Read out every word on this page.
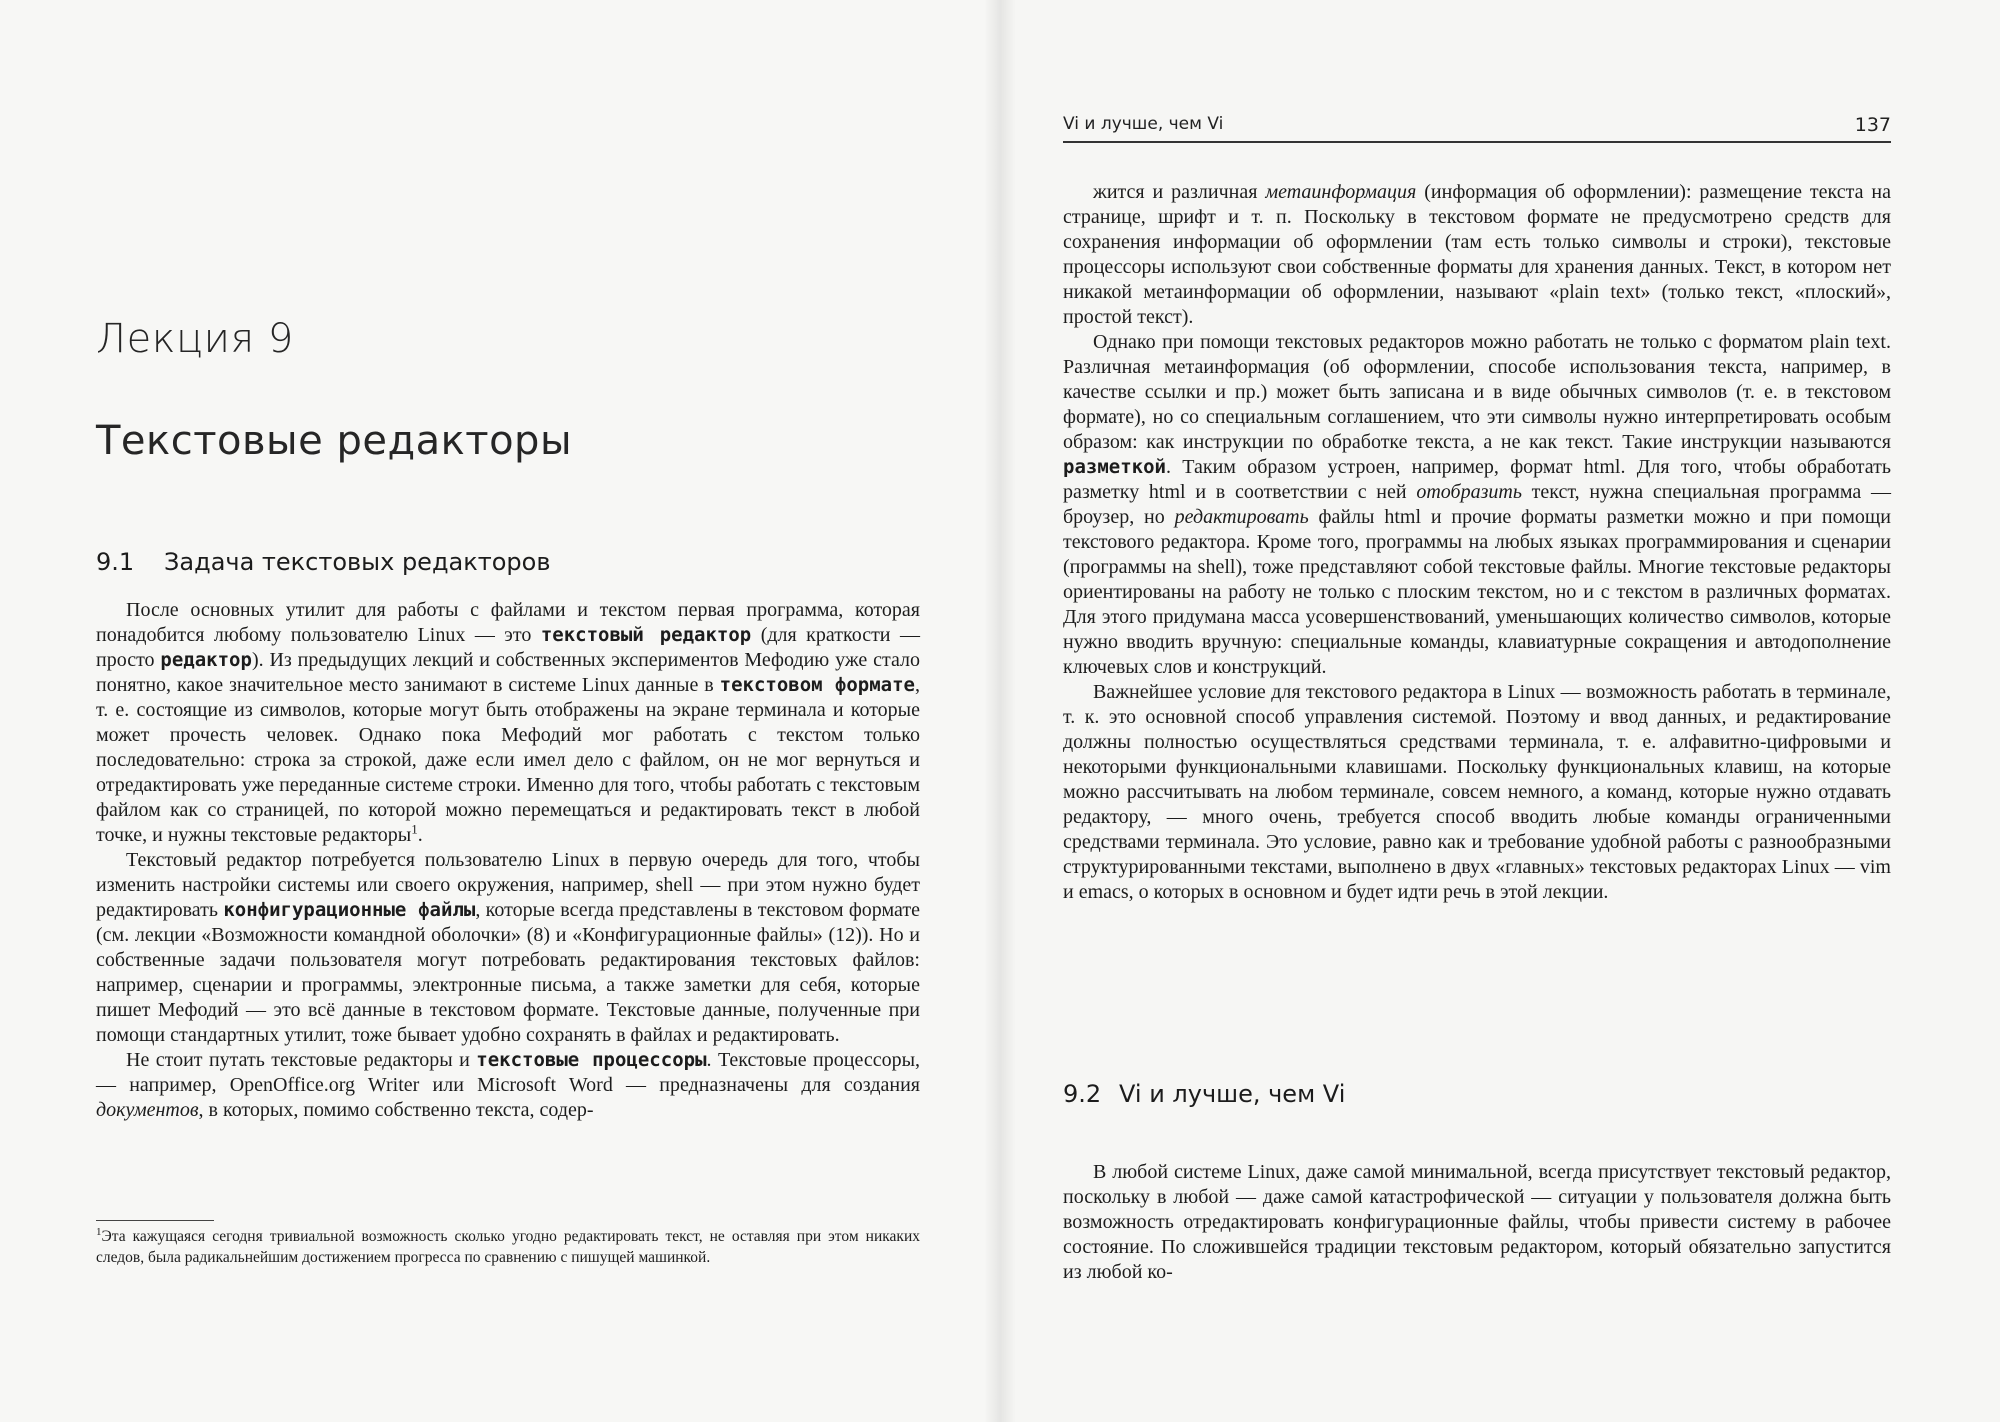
Лекция 9
Текстовые редакторы
9.1 Задача текстовых редакторов

После основных утилит для работы с файлами и текстом первая программа, которая понадобится любому пользователю Linux — это текстовый редактор (для краткости — просто редактор). Из предыдущих лекций и собственных экспериментов Мефодию уже стало понятно, какое значительное место занимают в системе Linux данные в текстовом формате, т. е. состоящие из символов, которые могут быть отображены на экране терминала и которые может прочесть человек. Однако пока Мефодий мог работать с текстом только последовательно: строка за строкой, даже если имел дело с файлом, он не мог вернуться и отредактировать уже переданные системе строки. Именно для того, чтобы работать с текстовым файлом как со страницей, по которой можно перемещаться и редактировать текст в любой точке, и нужны текстовые редакторы$^1$.

Текстовый редактор потребуется пользователю Linux в первую очередь для того, чтобы изменить настройки системы или своего окружения, например, shell — при этом нужно будет редактировать конфигурационные файлы, которые всегда представлены в текстовом формате (см. лекции «Возможности командной оболочки» (8) и «Конфигурационные файлы» (12)). Но и собственные задачи пользователя могут потребовать редактирования текстовых файлов: например, сценарии и программы, электронные письма, а также заметки для себя, которые пишет Мефодий — это всё данные в текстовом формате. Текстовые данные, полученные при помощи стандартных утилит, тоже бывает удобно сохранять в файлах и редактировать.

Не стоит путать текстовые редакторы и текстовые процессоры. Текстовые процессоры, — например, OpenOffice.org Writer или Microsoft Word — предназначены для создания документов, в которых, помимо собственно текста, содер-

$^1$Эта кажущаяся сегодня тривиальной возможность сколько угодно редактировать текст, не оставляя при этом никаких следов, была радикальнейшим достижением прогресса по сравнению с пишущей машинкой.
Vi и лучше, чем Vi	137

жится и различная метаинформация (информация об оформлении): размещение текста на странице, шрифт и т. п. Поскольку в текстовом формате не предусмотрено средств для сохранения информации об оформлении (там есть только символы и строки), текстовые процессоры используют свои собственные форматы для хранения данных. Текст, в котором нет никакой метаинформации об оформлении, называют «plain text» (только текст, «плоский», простой текст).

Однако при помощи текстовых редакторов можно работать не только с форматом plain text. Различная метаинформация (об оформлении, способе использования текста, например, в качестве ссылки и пр.) может быть записана и в виде обычных символов (т. е. в текстовом формате), но со специальным соглашением, что эти символы нужно интерпретировать особым образом: как инструкции по обработке текста, а не как текст. Такие инструкции называются разметкой. Таким образом устроен, например, формат html. Для того, чтобы обработать разметку html и в соответствии с ней отобразить текст, нужна специальная программа — броузер, но редактировать файлы html и прочие форматы разметки можно и при помощи текстового редактора. Кроме того, программы на любых языках программирования и сценарии (программы на shell), тоже представляют собой текстовые файлы. Многие текстовые редакторы ориентированы на работу не только с плоским текстом, но и с текстом в различных форматах. Для этого придумана масса усовершенствований, уменьшающих количество символов, которые нужно вводить вручную: специальные команды, клавиатурные сокращения и автодополнение ключевых слов и конструкций.

Важнейшее условие для текстового редактора в Linux — возможность работать в терминале, т. к. это основной способ управления системой. Поэтому и ввод данных, и редактирование должны полностью осуществляться средствами терминала, т. е. алфавитно-цифровыми и некоторыми функциональными клавишами. Поскольку функциональных клавиш, на которые можно рассчитывать на любом терминале, совсем немного, а команд, которые нужно отдавать редактору, — много очень, требуется способ вводить любые команды ограниченными средствами терминала. Это условие, равно как и требование удобной работы с разнообразными структурированными текстами, выполнено в двух «главных» текстовых редакторах Linux — vim и emacs, о которых в основном и будет идти речь в этой лекции.

9.2 Vi и лучше, чем Vi

В любой системе Linux, даже самой минимальной, всегда присутствует текстовый редактор, поскольку в любой — даже самой катастрофической — ситуации у пользователя должна быть возможность отредактировать конфигурационные файлы, чтобы привести систему в рабочее состояние. По сложившейся традиции текстовым редактором, который обязательно запустится из любой ко-
